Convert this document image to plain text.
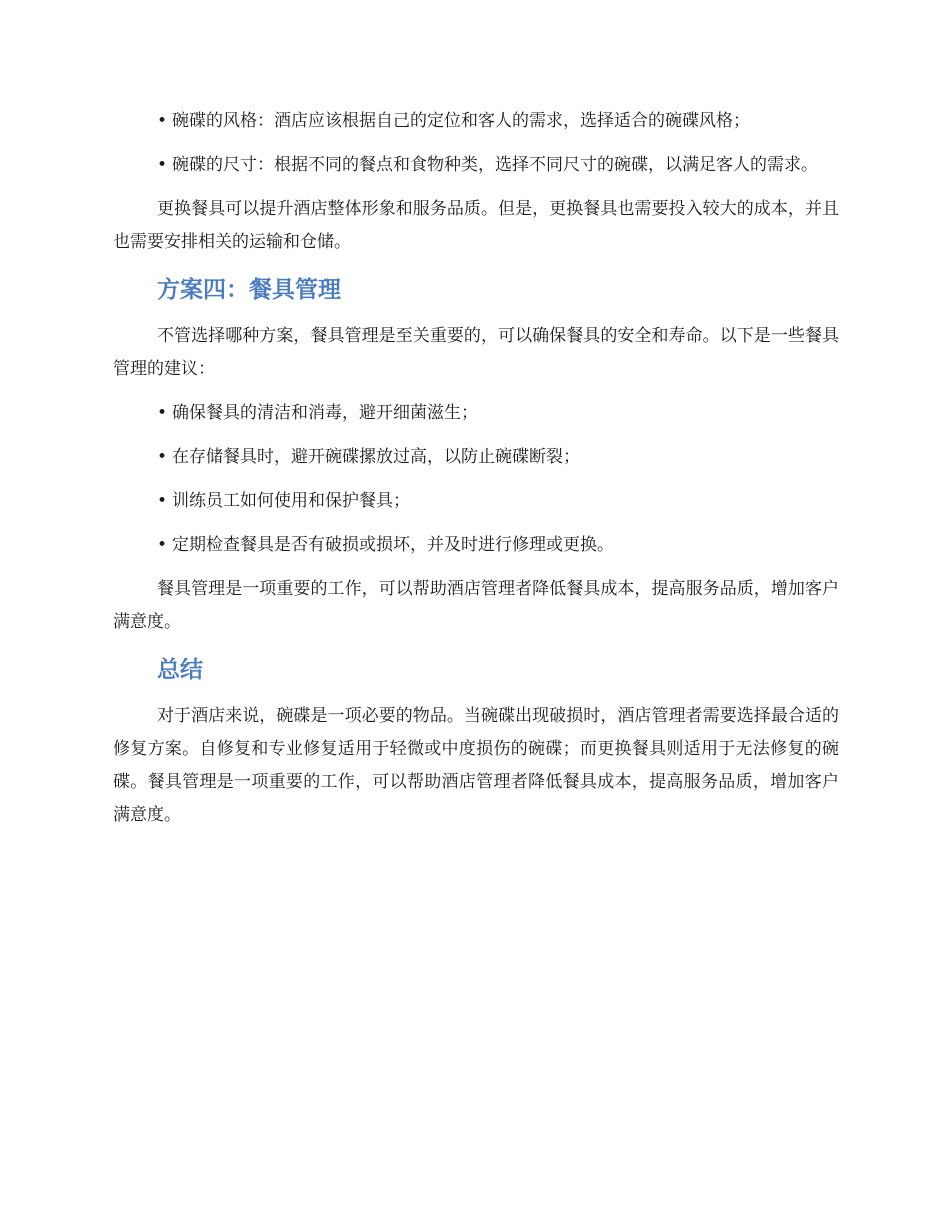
• 碗碟的风格：酒店应该根据自己的定位和客人的需求，选择适合的碗碟风格；

• 碗碟的尺寸：根据不同的餐点和食物种类，选择不同尺寸的碗碟，以满足客人的需求。

更换餐具可以提升酒店整体形象和服务品质。但是，更换餐具也需要投入较大的成本，并且也需要安排相关的运输和仓储。

方案四：餐具管理

不管选择哪种方案，餐具管理是至关重要的，可以确保餐具的安全和寿命。以下是一些餐具管理的建议：

• 确保餐具的清洁和消毒，避开细菌滋生；

• 在存储餐具时，避开碗碟摞放过高，以防止碗碟断裂；

• 训练员工如何使用和保护餐具；

• 定期检查餐具是否有破损或损坏，并及时进行修理或更换。

餐具管理是一项重要的工作，可以帮助酒店管理者降低餐具成本，提高服务品质，增加客户满意度。

总结

对于酒店来说，碗碟是一项必要的物品。当碗碟出现破损时，酒店管理者需要选择最合适的修复方案。自修复和专业修复适用于轻微或中度损伤的碗碟；而更换餐具则适用于无法修复的碗碟。餐具管理是一项重要的工作，可以帮助酒店管理者降低餐具成本，提高服务品质，增加客户满意度。
